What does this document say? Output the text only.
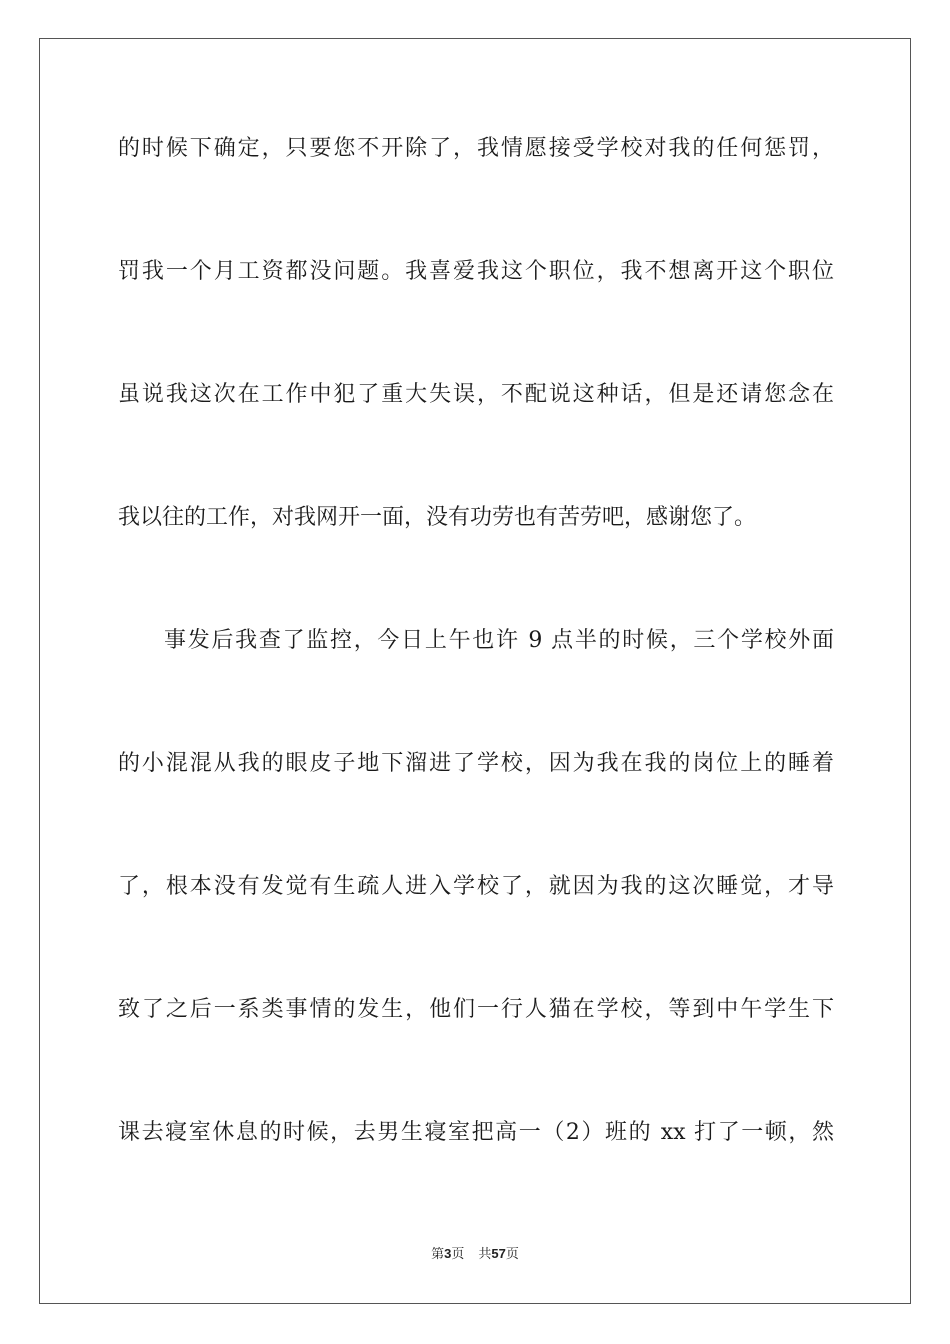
的时候下确定，只要您不开除了，我情愿接受学校对我的任何惩罚，
罚我一个月工资都没问题。我喜爱我这个职位，我不想离开这个职位
虽说我这次在工作中犯了重大失误，不配说这种话，但是还请您念在
我以往的工作，对我网开一面，没有功劳也有苦劳吧，感谢您了。
事发后我查了监控，今日上午也许 9 点半的时候，三个学校外面
的小混混从我的眼皮子地下溜进了学校，因为我在我的岗位上的睡着
了，根本没有发觉有生疏人进入学校了，就因为我的这次睡觉，才导
致了之后一系类事情的发生，他们一行人猫在学校，等到中午学生下
课去寝室休息的时候，去男生寝室把高一（2）班的 xx 打了一顿，然
第3页 共57页
